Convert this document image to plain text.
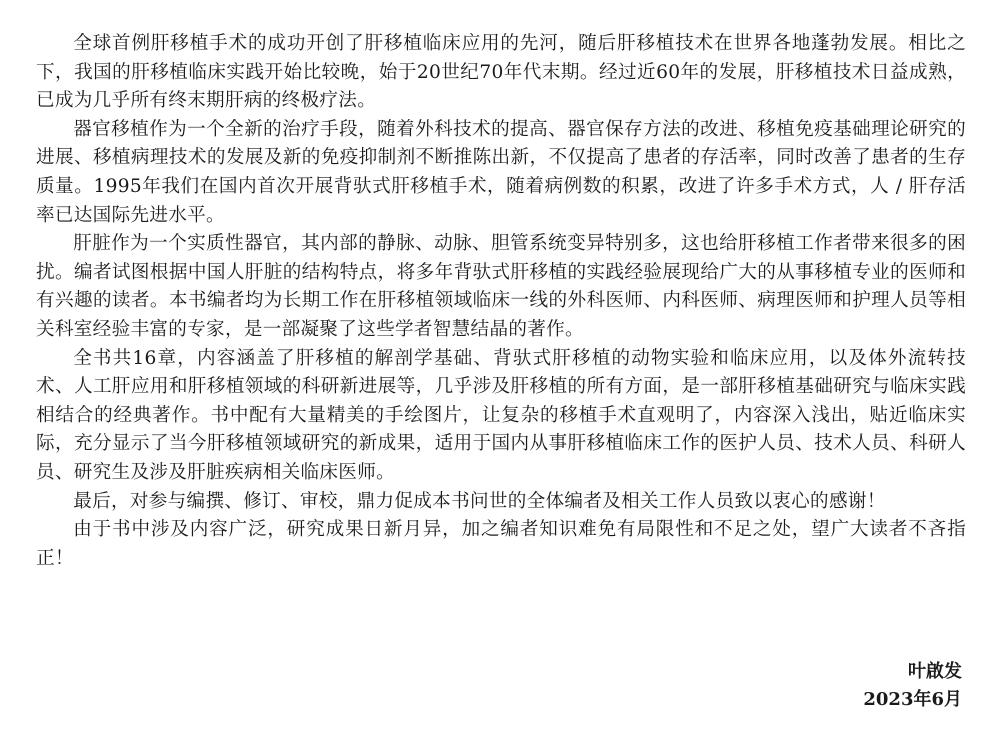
全球首例肝移植手术的成功开创了肝移植临床应用的先河，随后肝移植技术在世界各地蓬勃发展。相比之下，我国的肝移植临床实践开始比较晚，始于20世纪70年代末期。经过近60年的发展，肝移植技术日益成熟，已成为几乎所有终末期肝病的终极疗法。

器官移植作为一个全新的治疗手段，随着外科技术的提高、器官保存方法的改进、移植免疫基础理论研究的进展、移植病理技术的发展及新的免疫抑制剂不断推陈出新，不仅提高了患者的存活率，同时改善了患者的生存质量。1995年我们在国内首次开展背驮式肝移植手术，随着病例数的积累，改进了许多手术方式，人 / 肝存活率已达国际先进水平。

肝脏作为一个实质性器官，其内部的静脉、动脉、胆管系统变异特别多，这也给肝移植工作者带来很多的困扰。编者试图根据中国人肝脏的结构特点，将多年背驮式肝移植的实践经验展现给广大的从事移植专业的医师和有兴趣的读者。本书编者均为长期工作在肝移植领域临床一线的外科医师、内科医师、病理医师和护理人员等相关科室经验丰富的专家，是一部凝聚了这些学者智慧结晶的著作。

全书共16章，内容涵盖了肝移植的解剖学基础、背驮式肝移植的动物实验和临床应用，以及体外流转技术、人工肝应用和肝移植领域的科研新进展等，几乎涉及肝移植的所有方面，是一部肝移植基础研究与临床实践相结合的经典著作。书中配有大量精美的手绘图片，让复杂的移植手术直观明了，内容深入浅出，贴近临床实际，充分显示了当今肝移植领域研究的新成果，适用于国内从事肝移植临床工作的医护人员、技术人员、科研人员、研究生及涉及肝脏疾病相关临床医师。

最后，对参与编撰、修订、审校，鼎力促成本书问世的全体编者及相关工作人员致以衷心的感谢！

由于书中涉及内容广泛，研究成果日新月异，加之编者知识难免有局限性和不足之处，望广大读者不吝指正！

叶啟发
2023年6月
